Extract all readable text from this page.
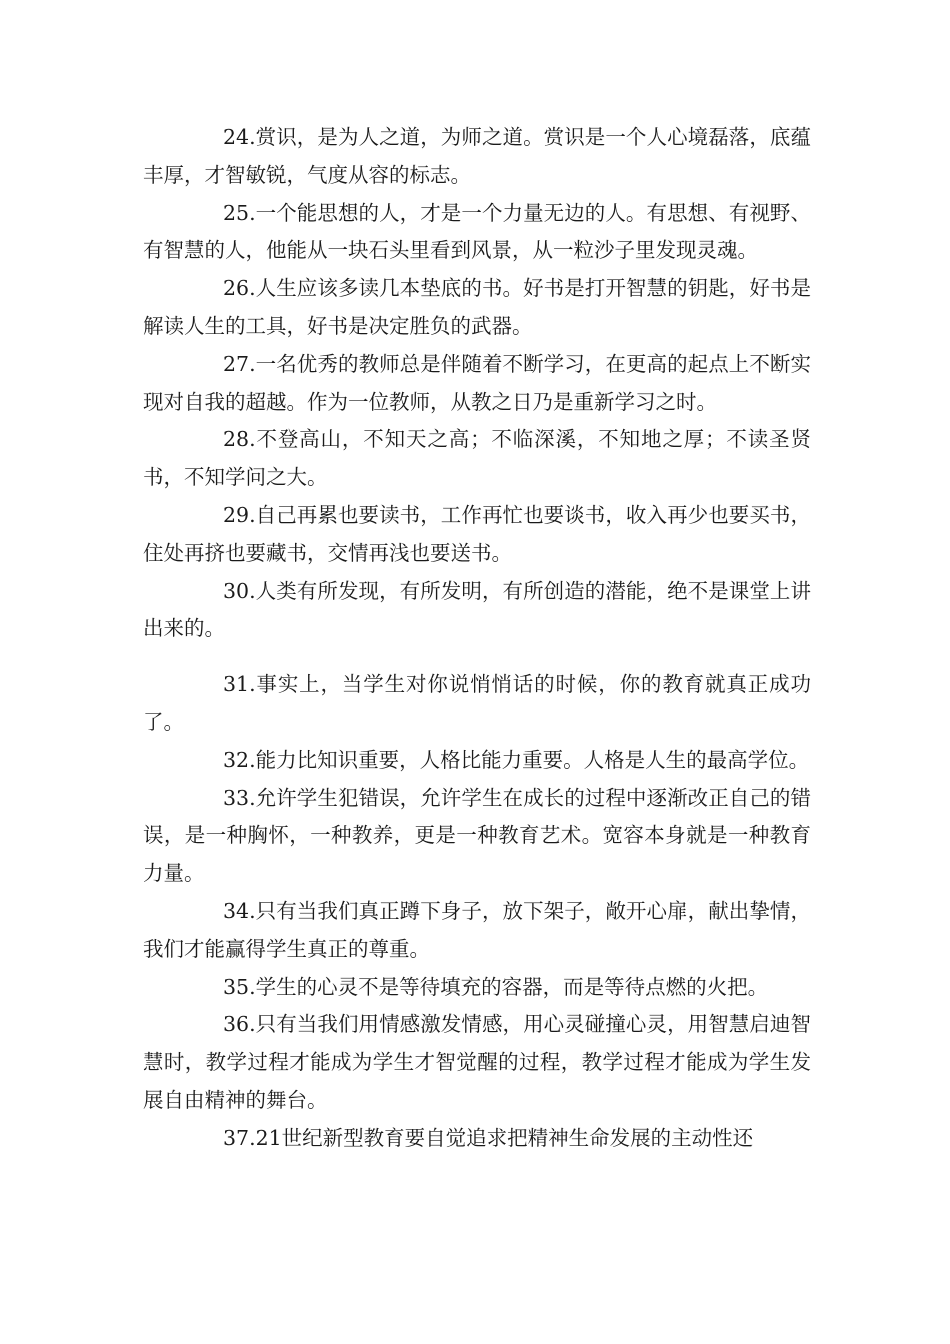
24.赏识，是为人之道，为师之道。赏识是一个人心境磊落，底蕴丰厚，才智敏锐，气度从容的标志。

25.一个能思想的人，才是一个力量无边的人。有思想、有视野、有智慧的人，他能从一块石头里看到风景，从一粒沙子里发现灵魂。

26.人生应该多读几本垫底的书。好书是打开智慧的钥匙，好书是解读人生的工具，好书是决定胜负的武器。

27.一名优秀的教师总是伴随着不断学习，在更高的起点上不断实现对自我的超越。作为一位教师，从教之日乃是重新学习之时。

28.不登高山，不知天之高；不临深溪，不知地之厚；不读圣贤书，不知学问之大。

29.自己再累也要读书，工作再忙也要谈书，收入再少也要买书，住处再挤也要藏书，交情再浅也要送书。

30.人类有所发现，有所发明，有所创造的潜能，绝不是课堂上讲出来的。

31.事实上，当学生对你说悄悄话的时候，你的教育就真正成功了。

32.能力比知识重要，人格比能力重要。人格是人生的最高学位。

33.允许学生犯错误，允许学生在成长的过程中逐渐改正自己的错误，是一种胸怀，一种教养，更是一种教育艺术。宽容本身就是一种教育力量。

34.只有当我们真正蹲下身子，放下架子，敞开心扉，献出挚情，我们才能赢得学生真正的尊重。

35.学生的心灵不是等待填充的容器，而是等待点燃的火把。

36.只有当我们用情感激发情感，用心灵碰撞心灵，用智慧启迪智慧时，教学过程才能成为学生才智觉醒的过程，教学过程才能成为学生发展自由精神的舞台。

37.21世纪新型教育要自觉追求把精神生命发展的主动性还
